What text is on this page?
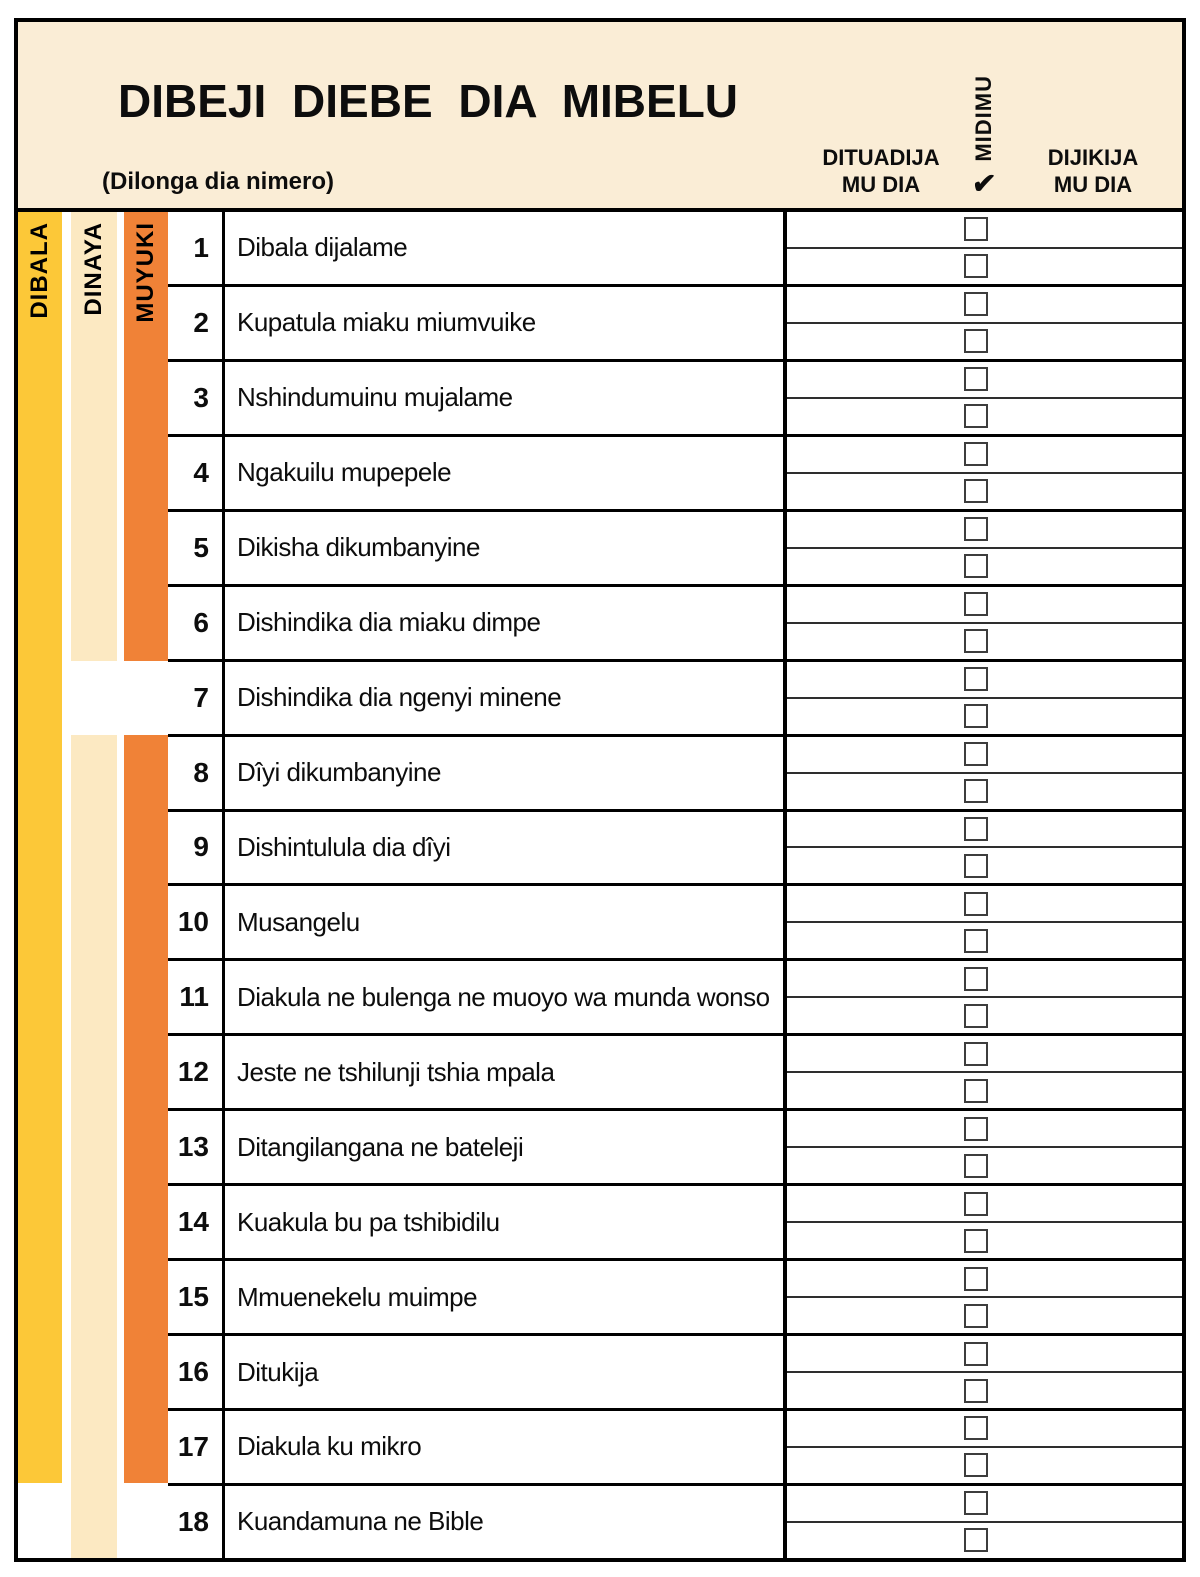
DIBEJI DIEBE DIA MIBELU
(Dilonga dia nimero)
DITUADIJA
MU DIA
MIDIMU
✔
DIJIKIJA
MU DIA
DIBALA DINAYA MUYUKI	1	Dibala dijalame
2	Kupatula miaku miumvuike
3	Nshindumuinu mujalame
4	Ngakuilu mupepele
5	Dikisha dikumbanyine
6	Dishindika dia miaku dimpe
7	Dishindika dia ngenyi minene
8	Dîyi dikumbanyine
9	Dishintulula dia dîyi
10	Musangelu
11	Diakula ne bulenga ne muoyo wa munda wonso
12	Jeste ne tshilunji tshia mpala
13	Ditangilangana ne bateleji
14	Kuakula bu pa tshibidilu
15	Mmuenekelu muimpe
16	Ditukija
17	Diakula ku mikro
18	Kuandamuna ne Bible
